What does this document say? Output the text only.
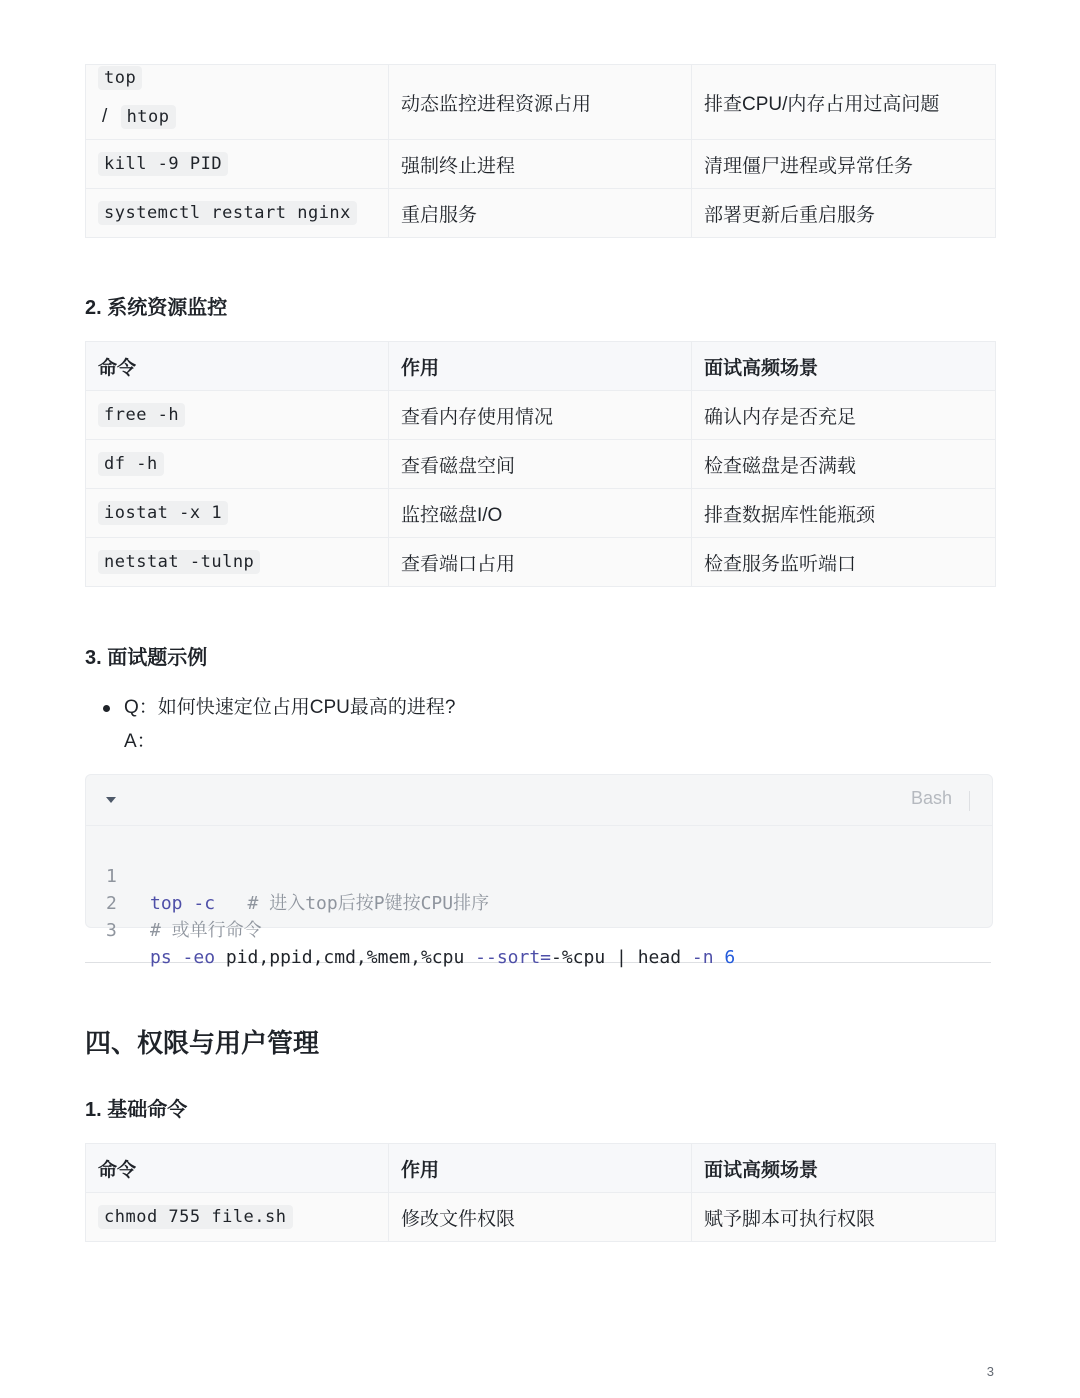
top
/ htop	动态监控进程资源占用	排查CPU/内存占用过高问题
kill -9 PID	强制终止进程	清理僵尸进程或异常任务
systemctl restart nginx	重启服务	部署更新后重启服务
2. 系统资源监控
命令	作用	面试高频场景
free -h	查看内存使用情况	确认内存是否充足
df -h	查看磁盘空间	检查磁盘是否满载
iostat -x 1	监控磁盘I/O	排查数据库性能瓶颈
netstat -tulnp	查看端口占用	检查服务监听端口
3. 面试题示例
Q：如何快速定位占用CPU最高的进程?
A：
Bash

1

top -c   # 进入top后按P键按CPU排序

2

# 或单行命令

3

ps -eo pid,ppid,cmd,%mem,%cpu --sort=-%cpu | head -n 6

四、权限与用户管理
1. 基础命令
命令	作用	面试高频场景
chmod 755 file.sh	修改文件权限	赋予脚本可执行权限
3
